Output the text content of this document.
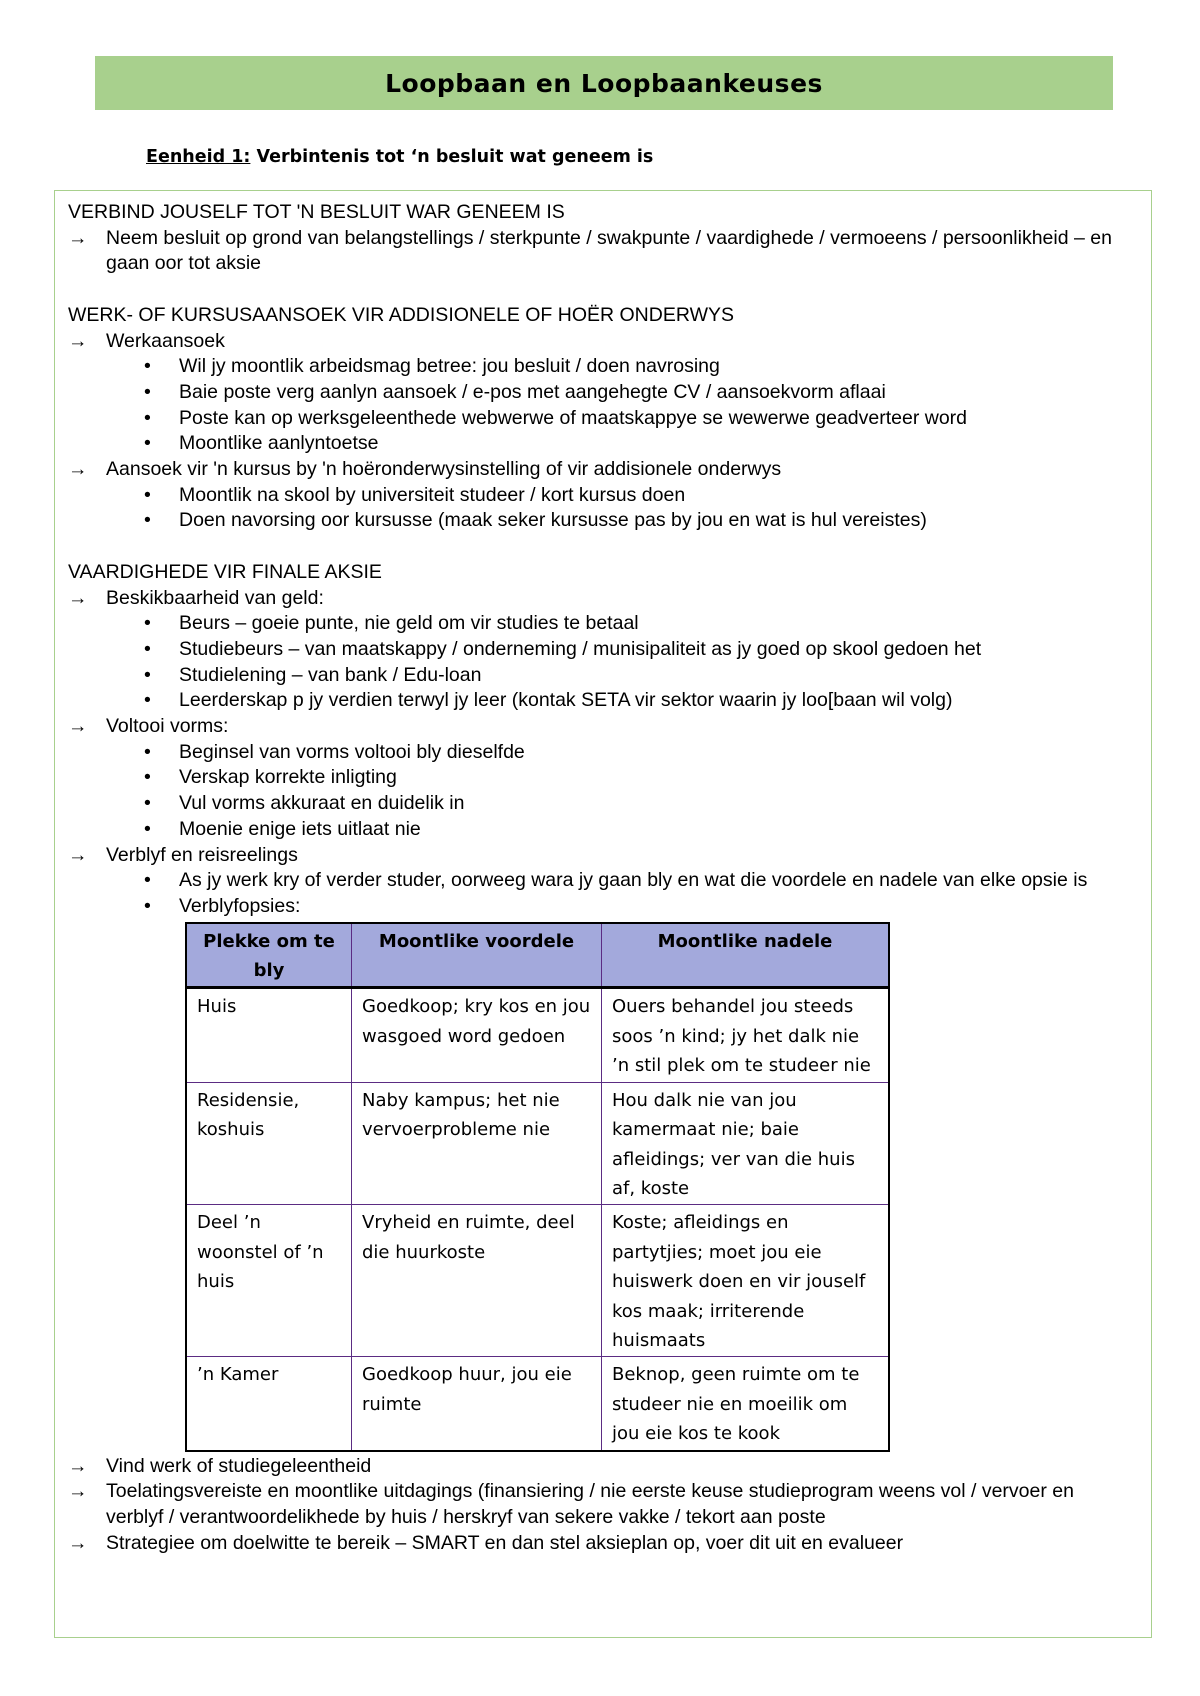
Loopbaan en Loopbaankeuses
Eenheid 1: Verbintenis tot ‘n besluit wat geneem is
VERBIND JOUSELF TOT 'N BESLUIT WAR GENEEM IS
→ Neem besluit op grond van belangstellings / sterkpunte / swakpunte / vaardighede / vermoeens / persoonlikheid – en gaan oor tot aksie
WERK- OF KURSUSAANSOEK VIR ADDISIONELE OF HOËR ONDERWYS
→ Werkaansoek
• Wil jy moontlik arbeidsmag betree: jou besluit / doen navrosing
• Baie poste verg aanlyn aansoek / e-pos met aangehegte CV / aansoekvorm aflaai
• Poste kan op werksgeleenthede webwerwe of maatskappye se wewerwe geadverteer word
• Moontlike aanlyntoetse
→ Aansoek vir 'n kursus by 'n hoëronderwysinstelling of vir addisionele onderwys
• Moontlik na skool by universiteit studeer / kort kursus doen
• Doen navorsing oor kursusse (maak seker kursusse pas by jou en wat is hul vereistes)
VAARDIGHEDE VIR FINALE AKSIE
→ Beskikbaarheid van geld:
• Beurs – goeie punte, nie geld om vir studies te betaal
• Studiebeurs – van maatskappy / onderneming / munisipaliteit as jy goed op skool gedoen het
• Studielening – van bank / Edu-loan
• Leerderskap p jy verdien terwyl jy leer (kontak SETA vir sektor waarin jy loo[baan wil volg)
→ Voltooi vorms:
• Beginsel van vorms voltooi bly dieselfde
• Verskap korrekte inligting
• Vul vorms akkuraat en duidelik in
• Moenie enige iets uitlaat nie
→ Verblyf en reisreelings
• As jy werk kry of verder studer, oorweeg wara jy gaan bly en wat die voordele en nadele van elke opsie is
• Verblyfopsies:
Plekke om te bly	Moontlike voordele	Moontlike nadele
Huis	Goedkoop; kry kos en jou wasgoed word gedoen	Ouers behandel jou steeds soos ’n kind; jy het dalk nie ’n stil plek om te studeer nie
Residensie, koshuis	Naby kampus; het nie vervoerprobleme nie	Hou dalk nie van jou kamermaat nie; baie afleidings; ver van die huis af, koste
Deel ’n woonstel of ’n huis	Vryheid en ruimte, deel die huurkoste	Koste; afleidings en partytjies; moet jou eie huiswerk doen en vir jouself kos maak; irriterende huismaats
’n Kamer	Goedkoop huur, jou eie ruimte	Beknop, geen ruimte om te studeer nie en moeilik om jou eie kos te kook
→ Vind werk of studiegeleentheid
→ Toelatingsvereiste en moontlike uitdagings (finansiering / nie eerste keuse studieprogram weens vol / vervoer en verblyf / verantwoordelikhede by huis / herskryf van sekere vakke / tekort aan poste
→ Strategiee om doelwitte te bereik – SMART en dan stel aksieplan op, voer dit uit en evalueer
